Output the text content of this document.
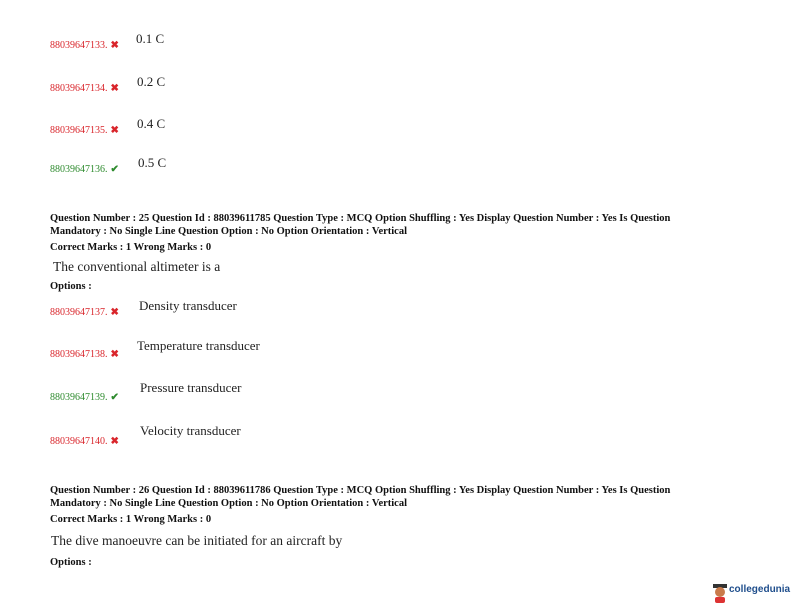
88039647133. ✖ 0.1 C
88039647134. ✖ 0.2 C
88039647135. ✖ 0.4 C
88039647136. ✔ 0.5 C
Question Number : 25 Question Id : 88039611785 Question Type : MCQ Option Shuffling : Yes Display Question Number : Yes Is Question
Mandatory : No Single Line Question Option : No Option Orientation : Vertical
Correct Marks : 1 Wrong Marks : 0
The conventional altimeter is a
Options :
88039647137. ✖ Density transducer
88039647138. ✖
Temperature transducer
88039647139. ✔
Pressure transducer
88039647140. ✖
Velocity transducer
Question Number : 26 Question Id : 88039611786 Question Type : MCQ Option Shuffling : Yes Display Question Number : Yes Is Question
Mandatory : No Single Line Question Option : No Option Orientation : Vertical
Correct Marks : 1 Wrong Marks : 0
The dive manoeuvre can be initiated for an aircraft by
Options :
collegedunia
